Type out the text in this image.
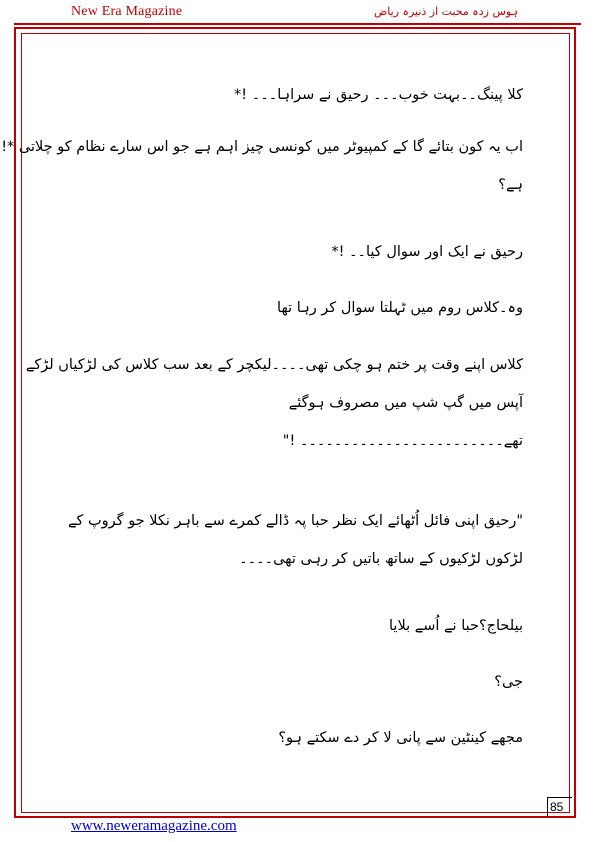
New Era Magazine	ہوس زدہ محبت از ذنیرہ ریاض

کلا پینگ۔۔بہت خوب۔۔۔ رحیق نے سراہا۔۔۔ !*

اب یہ کون بتائے گا کے کمپیوٹر میں کونسی چیز اہم ہے جو اس سارے نظام کو چلاتی *!
ہے؟

رحیق نے ایک اور سوال کیا۔۔ !*

وہ۔کلاس روم میں ٹہلتا سوال کر رہا تھا

کلاس اپنے وقت پر ختم ہو چکی تھی۔۔۔۔لیکچر کے بعد سب کلاس کی لڑکیاں لڑکے
آپس میں گپ شپ میں مصروف ہوگئے
تھے۔۔۔۔۔۔۔۔۔۔۔۔۔۔۔۔۔۔۔۔۔۔۔۔ !"

"رحیق اپنی فائل اُٹھائے ایک نظر حبا پہ ڈالے کمرے سے باہر نکلا جو گروپ کے
لڑکوں لڑکیوں کے ساتھ باتیں کر رہی تھی۔۔۔۔

بیلحاج؟حبا نے اُسے بلایا

جی؟

مجھے کینٹین سے پانی لا کر دے سکتے ہو؟

85
www.neweramagazine.com
